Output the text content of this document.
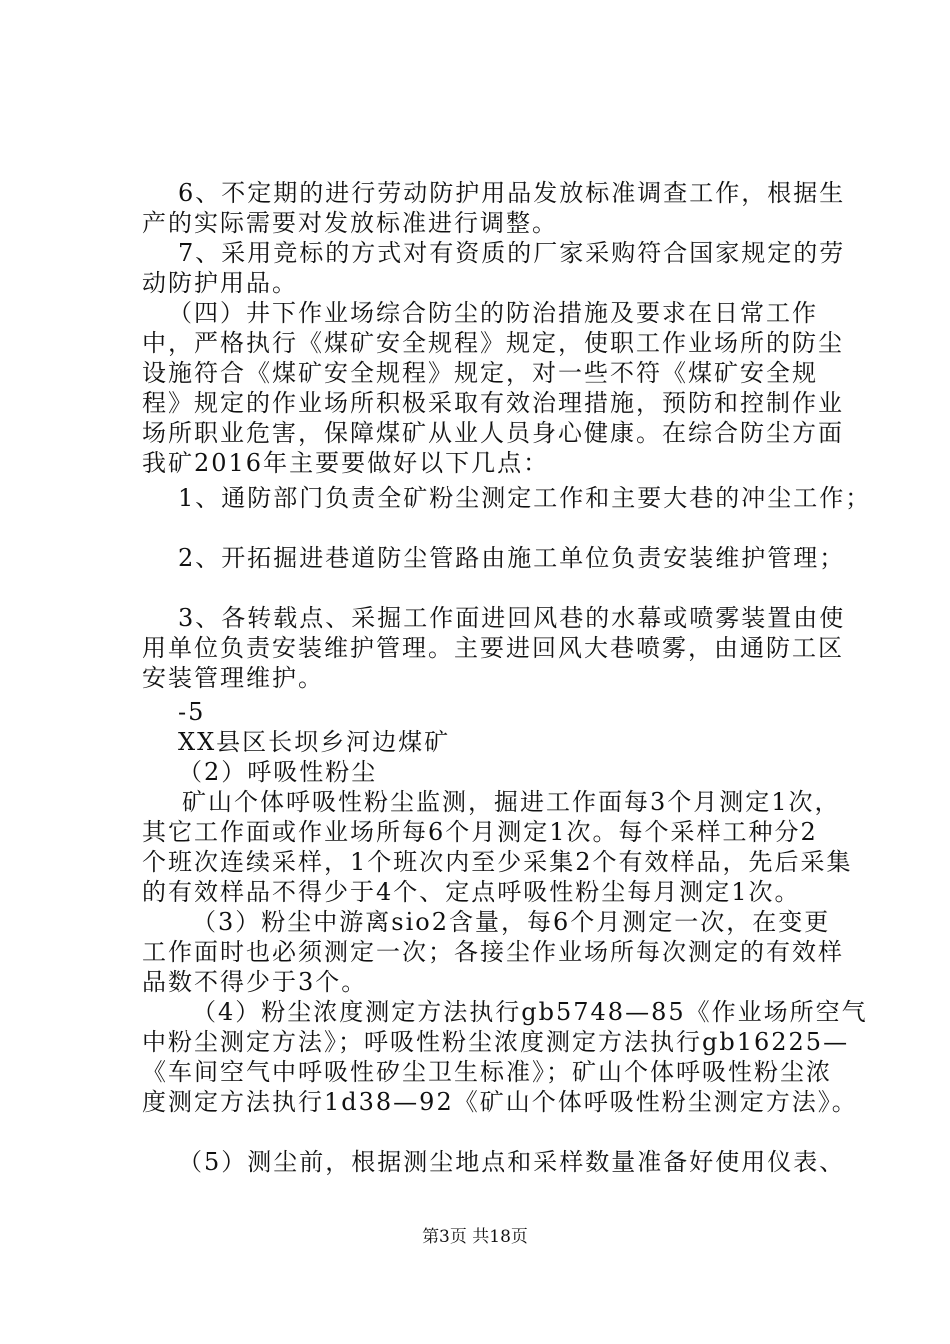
6、不定期的进行劳动防护用品发放标准调查工作，根据生
产的实际需要对发放标准进行调整。
7、采用竞标的方式对有资质的厂家采购符合国家规定的劳
动防护用品。
（四）井下作业场综合防尘的防治措施及要求在日常工作
中，严格执行《煤矿安全规程》规定，使职工作业场所的防尘
设施符合《煤矿安全规程》规定，对一些不符《煤矿安全规
程》规定的作业场所积极采取有效治理措施，预防和控制作业
场所职业危害，保障煤矿从业人员身心健康。在综合防尘方面
我矿2016年主要要做好以下几点：
1、通防部门负责全矿粉尘测定工作和主要大巷的冲尘工作；
2、开拓掘进巷道防尘管路由施工单位负责安装维护管理；
3、各转载点、采掘工作面进回风巷的水幕或喷雾装置由使
用单位负责安装维护管理。主要进回风大巷喷雾，由通防工区
安装管理维护。
-5
XX县区长坝乡河边煤矿
（2）呼吸性粉尘
矿山个体呼吸性粉尘监测，掘进工作面每3个月测定1次，
其它工作面或作业场所每6个月测定1次。每个采样工种分2
个班次连续采样，1个班次内至少采集2个有效样品，先后采集
的有效样品不得少于4个、定点呼吸性粉尘每月测定1次。
（3）粉尘中游离sio2含量，每6个月测定一次，在变更
工作面时也必须测定一次；各接尘作业场所每次测定的有效样
品数不得少于3个。
（4）粉尘浓度测定方法执行gb5748—85《作业场所空气
中粉尘测定方法》；呼吸性粉尘浓度测定方法执行gb16225—
《车间空气中呼吸性矽尘卫生标准》；矿山个体呼吸性粉尘浓
度测定方法执行1d38—92《矿山个体呼吸性粉尘测定方法》。
（5）测尘前，根据测尘地点和采样数量准备好使用仪表、
第3页 共18页
